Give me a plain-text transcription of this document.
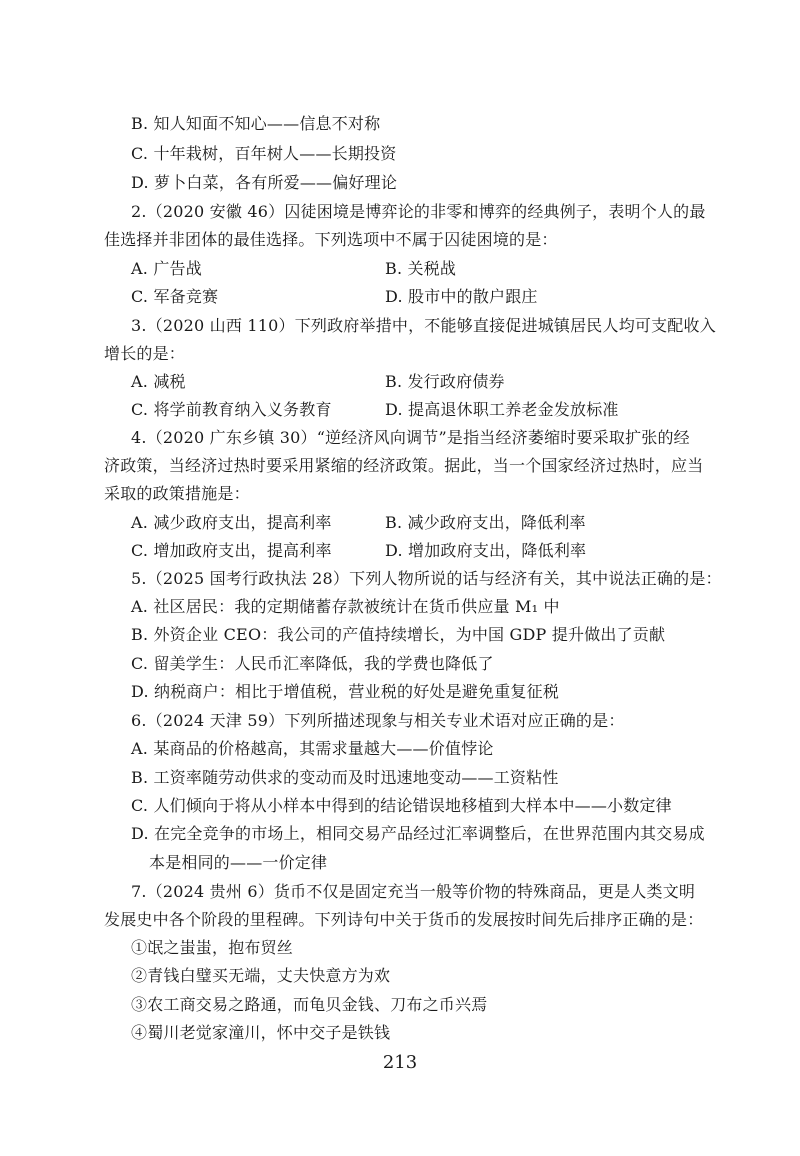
B. 知人知面不知心——信息不对称
C. 十年栽树，百年树人——长期投资
D. 萝卜白菜，各有所爱——偏好理论
2.（2020 安徽 46）囚徒困境是博弈论的非零和博弈的经典例子，表明个人的最
佳选择并非团体的最佳选择。下列选项中不属于囚徒困境的是：
A. 广告战	B. 关税战
C. 军备竞赛	D. 股市中的散户跟庄
3.（2020 山西 110）下列政府举措中，不能够直接促进城镇居民人均可支配收入
增长的是：
A. 减税	B. 发行政府债券
C. 将学前教育纳入义务教育	D. 提高退休职工养老金发放标准
4.（2020 广东乡镇 30）“逆经济风向调节”是指当经济萎缩时要采取扩张的经
济政策，当经济过热时要采用紧缩的经济政策。据此，当一个国家经济过热时，应当
采取的政策措施是：
A. 减少政府支出，提高利率	B. 减少政府支出，降低利率
C. 增加政府支出，提高利率	D. 增加政府支出，降低利率
5.（2025 国考行政执法 28）下列人物所说的话与经济有关，其中说法正确的是：
A. 社区居民：我的定期储蓄存款被统计在货币供应量 M₁ 中
B. 外资企业 CEO：我公司的产值持续增长，为中国 GDP 提升做出了贡献
C. 留美学生：人民币汇率降低，我的学费也降低了
D. 纳税商户：相比于增值税，营业税的好处是避免重复征税
6.（2024 天津 59）下列所描述现象与相关专业术语对应正确的是：
A. 某商品的价格越高，其需求量越大——价值悖论
B. 工资率随劳动供求的变动而及时迅速地变动——工资粘性
C. 人们倾向于将从小样本中得到的结论错误地移植到大样本中——小数定律
D. 在完全竞争的市场上，相同交易产品经过汇率调整后，在世界范围内其交易成
本是相同的——一价定律
7.（2024 贵州 6）货币不仅是固定充当一般等价物的特殊商品，更是人类文明
发展史中各个阶段的里程碑。下列诗句中关于货币的发展按时间先后排序正确的是：
①氓之蚩蚩，抱布贸丝
②青钱白璧买无端，丈夫快意方为欢
③农工商交易之路通，而龟贝金钱、刀布之币兴焉
④蜀川老觉家潼川，怀中交子是铁钱
213
